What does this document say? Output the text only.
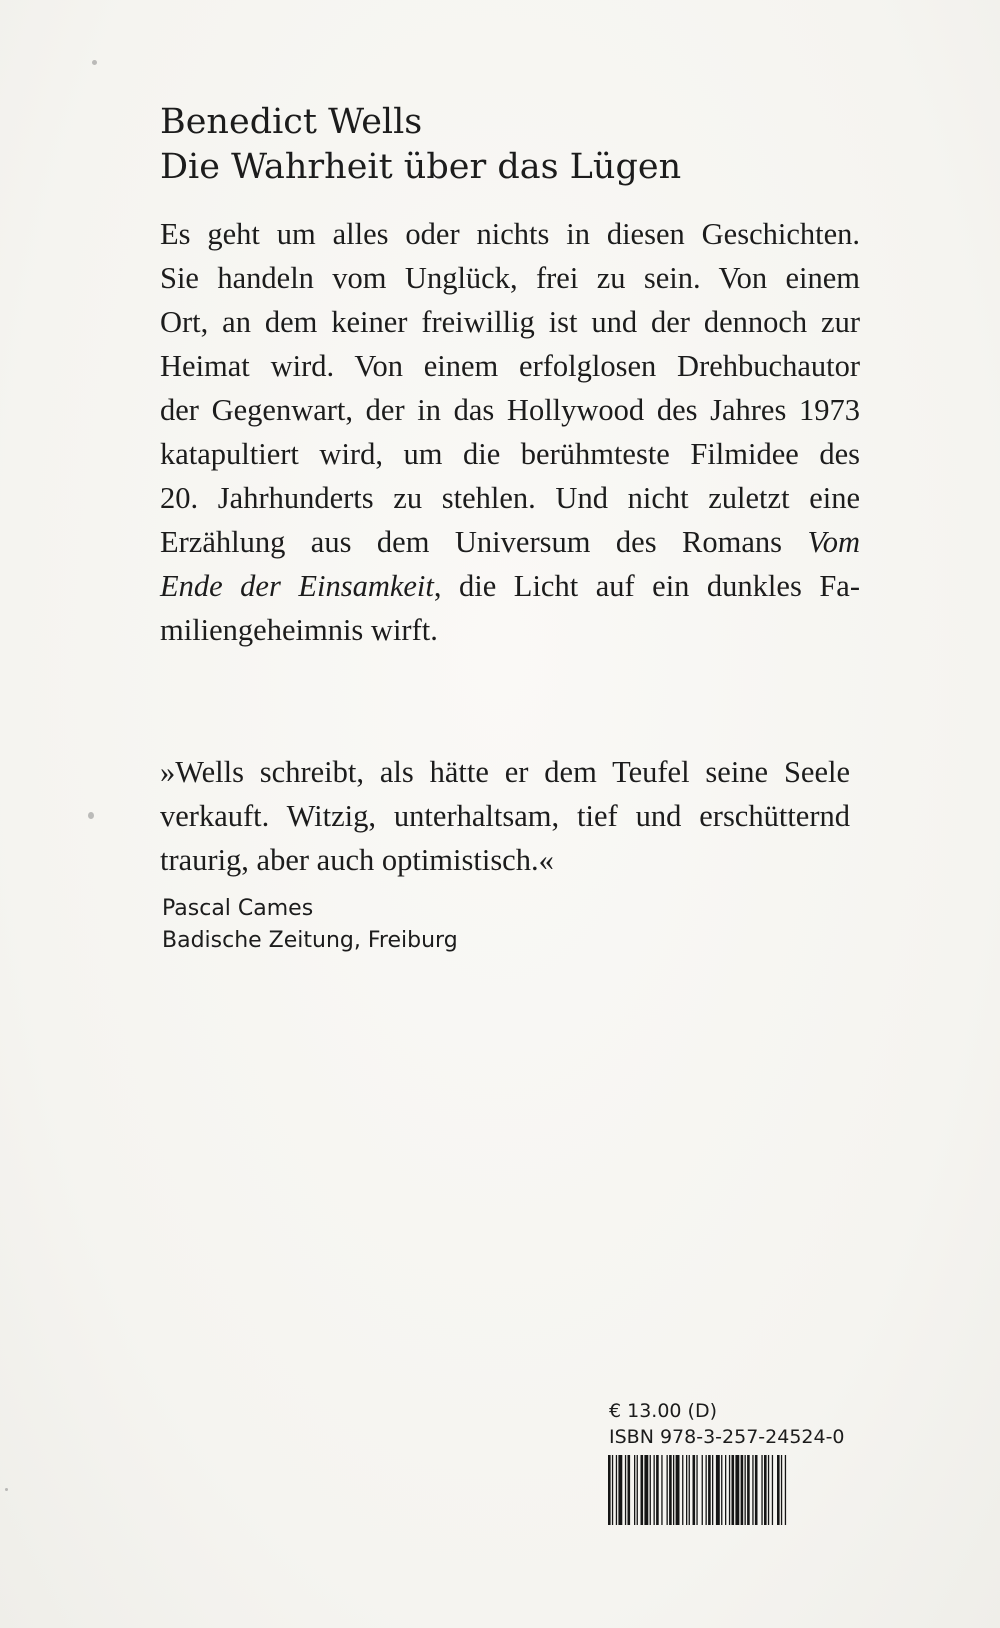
Benedict Wells
Die Wahrheit über das Lügen
Es geht um alles oder nichts in diesen Geschichten.
Sie handeln vom Unglück, frei zu sein. Von einem
Ort, an dem keiner freiwillig ist und der dennoch zur
Heimat wird. Von einem erfolglosen Drehbuchautor
der Gegenwart, der in das Hollywood des Jahres 1973
katapultiert wird, um die berühmteste Filmidee des
20. Jahrhunderts zu stehlen. Und nicht zuletzt eine
Erzählung aus dem Universum des Romans Vom
Ende der Einsamkeit, die Licht auf ein dunkles Fa-
miliengeheimnis wirft.
»Wells schreibt, als hätte er dem Teufel seine Seele
verkauft. Witzig, unterhaltsam, tief und erschütternd
traurig, aber auch optimistisch.«
Pascal Cames
Badische Zeitung, Freiburg
€ 13.00 (D)
ISBN 978-3-257-24524-0
